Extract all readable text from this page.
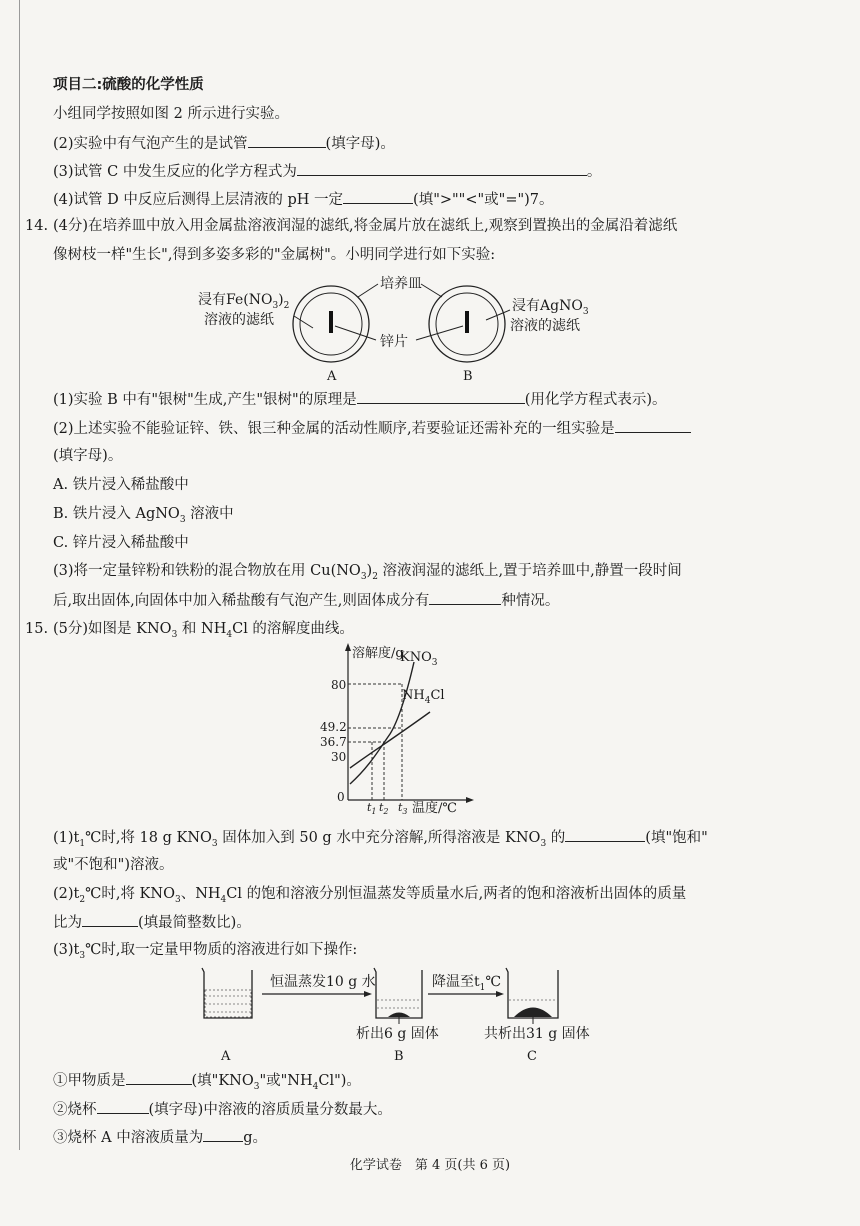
项目二:硫酸的化学性质
小组同学按照如图 2 所示进行实验。
(2)实验中有气泡产生的是试管	(填字母)。
(3)试管 C 中发生反应的化学方程式为	。
(4)试管 D 中反应后测得上层清液的 pH 一定	(填">""<"或"=")7。
14. (4分)在培养皿中放入用金属盐溶液润湿的滤纸,将金属片放在滤纸上,观察到置换出的金属沿着滤纸
像树枝一样"生长",得到多姿多彩的"金属树"。小明同学进行如下实验:
培养皿
浸有$Fe(NO_3)_2$
溶液的滤纸
浸有AgNO$_3$
溶液的滤纸
锌片
A	B
(1)实验 B 中有"银树"生成,产生"银树"的原理是	(用化学方程式表示)。
(2)上述实验不能验证锌、铁、银三种金属的活动性顺序,若要验证还需补充的一组实验是
(填字母)。
A. 铁片浸入稀盐酸中
B. 铁片浸入 AgNO$_3$ 溶液中
C. 锌片浸入稀盐酸中
(3)将一定量锌粉和铁粉的混合物放在用 $Cu(NO_3)_2$ 溶液润湿的滤纸上,置于培养皿中,静置一段时间
后,取出固体,向固体中加入稀盐酸有气泡产生,则固体成分有	种情况。
15. (5分)如图是 $KNO_3$ 和 $NH_4Cl$ 的溶解度曲线。
溶解度/g
$KNO_3$
$NH_4Cl$
80
49.2
36.7
30
0
$t_1$ $t_2$ $t_3$ 温度/℃
$(1)t_1℃$时,将 18 g $KNO_3$ 固体加入到 50 g 水中充分溶解,所得溶液是 $KNO_3$ 的	(填"饱和"
或"不饱和")溶液。
$(2)t_2℃$时,将 $KNO_3$、$NH_4Cl$ 的饱和溶液分别恒温蒸发等质量水后,两者的饱和溶液析出固体的质量
比为	(填最简整数比)。
$(3)t_3℃$时,取一定量甲物质的溶液进行如下操作:
恒温蒸发10 g 水	降温至$t_1℃$
析出6 g 固体	共析出31 g 固体
A	B	C
①甲物质是	(填"$KNO_3$"或"$NH_4Cl$")。
②烧杯	(填字母)中溶液的溶质质量分数最大。
③烧杯 A 中溶液质量为	g。
化学试卷　第 4 页(共 6 页)
